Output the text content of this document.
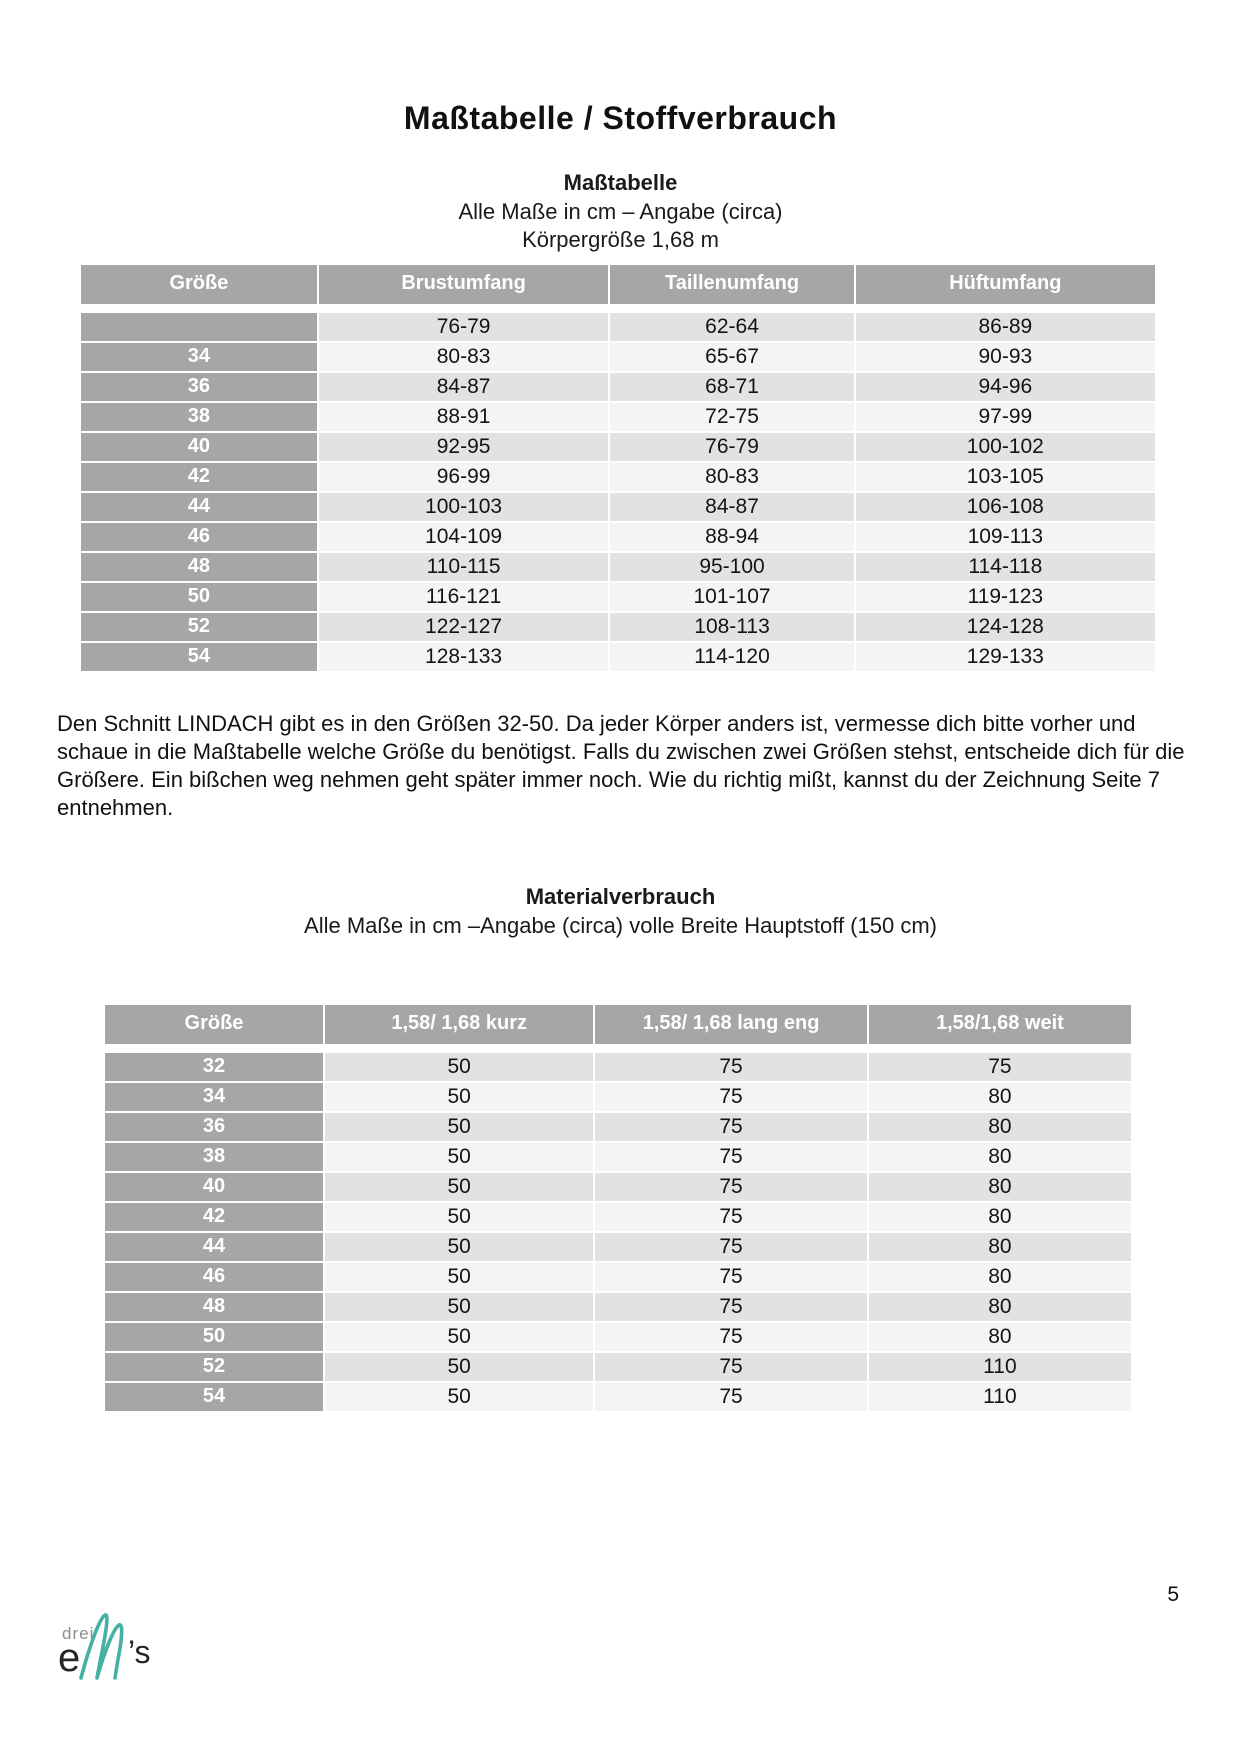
Maßtabelle / Stoffverbrauch
Maßtabelle
Alle Maße in cm – Angabe (circa)
Körpergröße 1,68 m
Größe	Brustumfang	Taillenumfang	Hüftumfang
	76-79	62-64	86-89
34	80-83	65-67	90-93
36	84-87	68-71	94-96
38	88-91	72-75	97-99
40	92-95	76-79	100-102
42	96-99	80-83	103-105
44	100-103	84-87	106-108
46	104-109	88-94	109-113
48	110-115	95-100	114-118
50	116-121	101-107	119-123
52	122-127	108-113	124-128
54	128-133	114-120	129-133
Den Schnitt LINDACH gibt es in den Größen 32-50. Da jeder Körper anders ist, vermesse dich bitte vorher und schaue in die Maßtabelle welche Größe du benötigst. Falls du zwischen zwei Größen stehst, entscheide dich für die Größere. Ein bißchen weg nehmen geht später immer noch. Wie du richtig mißt, kannst du der Zeichnung Seite 7 entnehmen.
Materialverbrauch
Alle Maße in cm –Angabe (circa) volle Breite Hauptstoff (150 cm)
Größe	1,58/ 1,68 kurz	1,58/ 1,68 lang eng	1,58/1,68 weit
32	50	75	75
34	50	75	80
36	50	75	80
38	50	75	80
40	50	75	80
42	50	75	80
44	50	75	80
46	50	75	80
48	50	75	80
50	50	75	80
52	50	75	110
54	50	75	110
5
drei
e ’s
